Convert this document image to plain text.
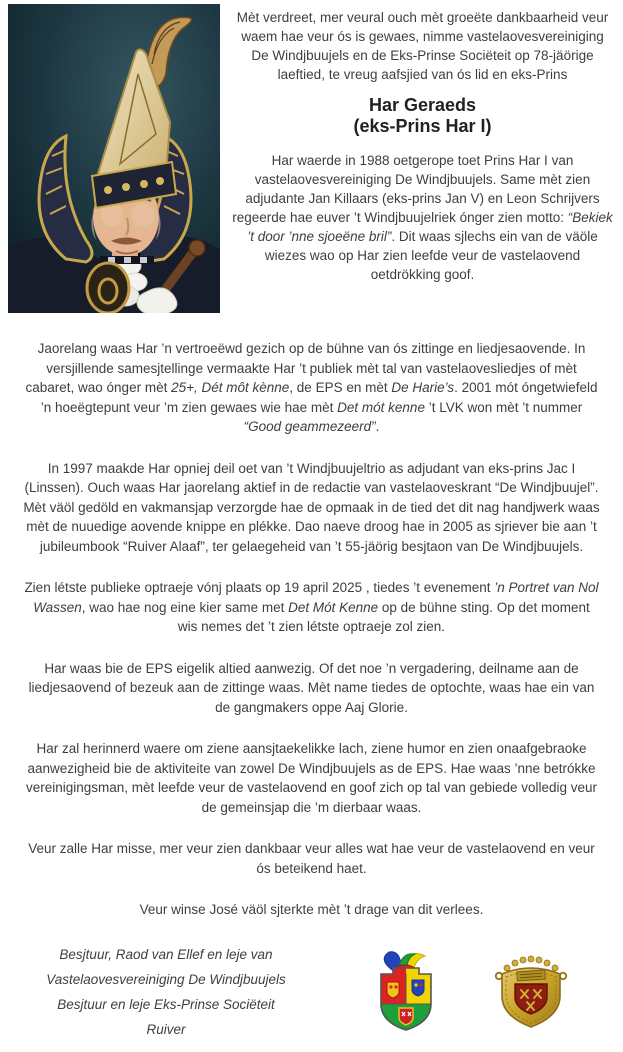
Mèt verdreet, mer veural ouch mèt groeëte dankbaarheid veur waem hae veur ós is gewaes, nimme vastelaovesvereiniging De Windjbuujels en de Eks-Prinse Sociëteit op 78-jäörige laeftied, te vreug aafsjied van ós lid en eks-Prins

Har Geraeds
(eks-Prins Har I)

Har waerde in 1988 oetgerope toet Prins Har I van vastelaovesvereiniging De Windjbuujels. Same mèt zien adjudante Jan Killaars (eks-prins Jan V) en Leon Schrijvers regeerde hae euver ’t Windjbuujelriek ónger zien motto: “Bekiek ’t door ’nne sjoeëne bril”. Dit waas sjlechs ein van de väöle wiezes wao op Har zien leefde veur de vastelaovend oetdrökking goof.

Jaorelang waas Har ’n vertroeëwd gezich op de bühne van ós zittinge en liedjesaovende. In versjillende samesjtellinge vermaakte Har ’t publiek mèt tal van vastelaovesliedjes of mèt cabaret, wao ónger mèt 25+, Dét môt kènne, de EPS en mèt De Harie’s. 2001 mót óngetwiefeld ’n hoeëgtepunt veur ’m zien gewaes wie hae mèt Det mót kenne ’t LVK won mèt ’t nummer “Good geammezeerd”.

In 1997 maakde Har opniej deil oet van ’t Windjbuujeltrio as adjudant van eks-prins Jac I (Linssen). Ouch waas Har jaorelang aktief in de redactie van vastelaoveskrant “De Windjbuujel”. Mèt väöl gedöld en vakmansjap verzorgde hae de opmaak in de tied det dit nag handjwerk waas mèt de nuuedige aovende knippe en plékke. Dao naeve droog hae in 2005 as sjriever bie aan ’t jubileumbook “Ruiver Alaaf”, ter gelaegeheid van ’t 55-jäörig besjtaon van De Windjbuujels.

Zien létste publieke optraeje vónj plaats op 19 april 2025 , tiedes ’t evenement ’n Portret van Nol Wassen, wao hae nog eine kier same met Det Mót Kenne op de bühne sting. Op det moment wis nemes det ’t zien létste optraeje zol zien.

Har waas bie de EPS eigelik altied aanwezig. Of det noe ’n vergadering, deilname aan de liedjesaovend of bezeuk aan de zittinge waas. Mèt name tiedes de optochte, waas hae ein van de gangmakers oppe Aaj Glorie.

Har zal herinnerd waere om ziene aansjtaekelikke lach, ziene humor en zien onaafgebraoke aanwezigheid bie de aktiviteite van zowel De Windjbuujels as de EPS. Hae waas ’nne betrókke vereinigingsman, mèt leefde veur de vastelaovend en goof zich op tal van gebiede volledig veur de gemeinsjap die ’m dierbaar waas.

Veur zalle Har misse, mer veur zien dankbaar veur alles wat hae veur de vastelaovend en veur ós beteikend haet.

Veur winse José väöl sjterkte mèt ’t drage van dit verlees.

Besjtuur, Raod van Ellef en leje van
Vastelaovesvereiniging De Windjbuujels
Besjtuur en leje Eks-Prinse Sociëteit Ruiver
